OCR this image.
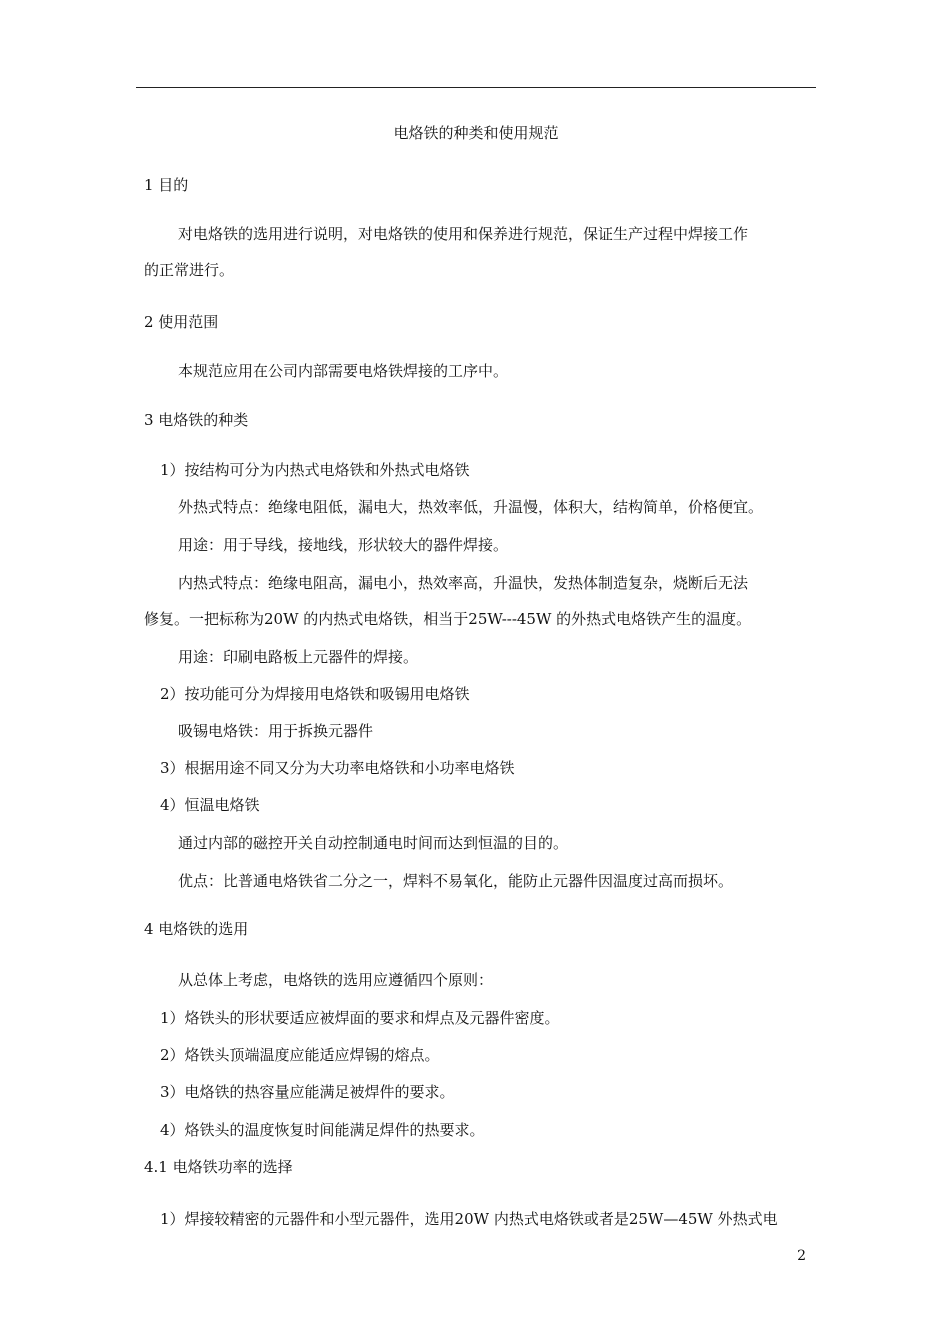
电烙铁的种类和使用规范
1 目的
对电烙铁的选用进行说明，对电烙铁的使用和保养进行规范，保证生产过程中焊接工作
的正常进行。
2 使用范围
本规范应用在公司内部需要电烙铁焊接的工序中。
3 电烙铁的种类
1）按结构可分为内热式电烙铁和外热式电烙铁
外热式特点：绝缘电阻低，漏电大，热效率低，升温慢，体积大，结构简单，价格便宜。
用途：用于导线，接地线，形状较大的器件焊接。
内热式特点：绝缘电阻高，漏电小，热效率高，升温快，发热体制造复杂，烧断后无法
修复。一把标称为20W 的内热式电烙铁，相当于25W---45W 的外热式电烙铁产生的温度。
用途：印刷电路板上元器件的焊接。
2）按功能可分为焊接用电烙铁和吸锡用电烙铁
吸锡电烙铁：用于拆换元器件
3）根据用途不同又分为大功率电烙铁和小功率电烙铁
4）恒温电烙铁
通过内部的磁控开关自动控制通电时间而达到恒温的目的。
优点：比普通电烙铁省二分之一，焊料不易氧化，能防止元器件因温度过高而损坏。
4 电烙铁的选用
从总体上考虑，电烙铁的选用应遵循四个原则：
1）烙铁头的形状要适应被焊面的要求和焊点及元器件密度。
2）烙铁头顶端温度应能适应焊锡的熔点。
3）电烙铁的热容量应能满足被焊件的要求。
4）烙铁头的温度恢复时间能满足焊件的热要求。
4.1 电烙铁功率的选择
1）焊接较精密的元器件和小型元器件，选用20W 内热式电烙铁或者是25W—45W 外热式电
2
